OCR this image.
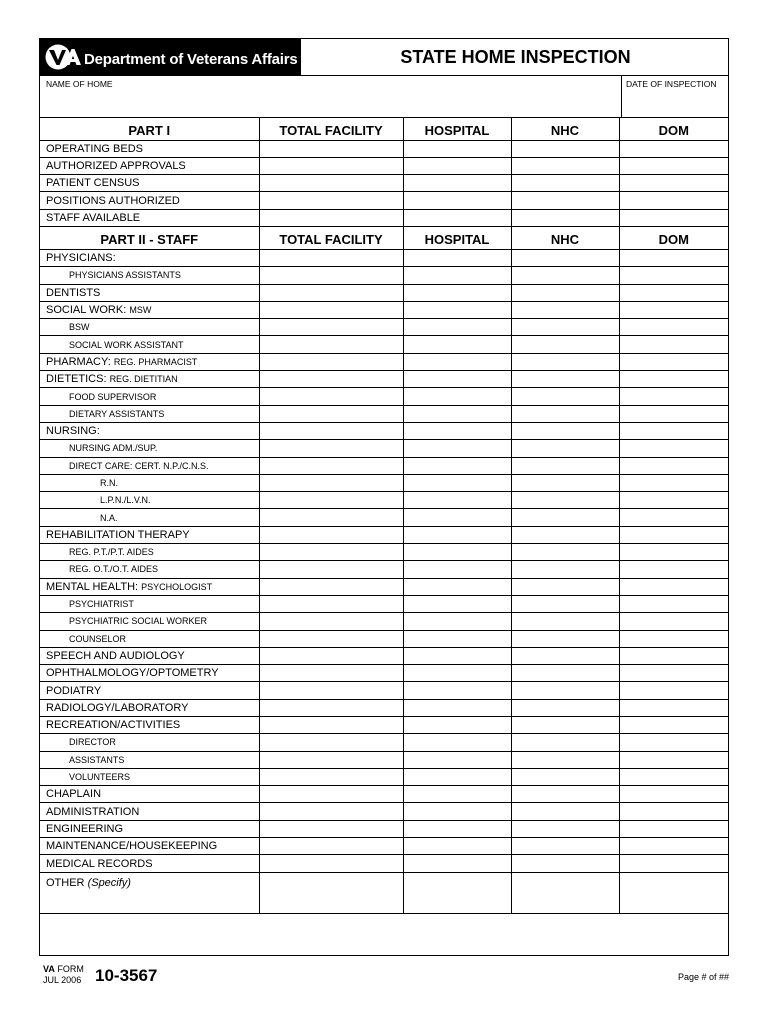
Department of Veterans Affairs	STATE HOME INSPECTION
NAME OF HOME	DATE OF INSPECTION
PART I	TOTAL FACILITY	HOSPITAL	NHC	DOM
OPERATING BEDS				
AUTHORIZED APPROVALS				
PATIENT CENSUS				
POSITIONS AUTHORIZED				
STAFF AVAILABLE				
PART II - STAFF	TOTAL FACILITY	HOSPITAL	NHC	DOM
PHYSICIANS:				
PHYSICIANS ASSISTANTS				
DENTISTS				
SOCIAL WORK: MSW				
BSW				
SOCIAL WORK ASSISTANT				
PHARMACY: REG. PHARMACIST				
DIETETICS: REG. DIETITIAN				
FOOD SUPERVISOR				
DIETARY ASSISTANTS				
NURSING:				
NURSING ADM./SUP.				
DIRECT CARE: CERT. N.P./C.N.S.				
R.N.				
L.P.N./L.V.N.				
N.A.				
REHABILITATION THERAPY				
REG. P.T./P.T. AIDES				
REG. O.T./O.T. AIDES				
MENTAL HEALTH: PSYCHOLOGIST				
PSYCHIATRIST				
PSYCHIATRIC SOCIAL WORKER				
COUNSELOR				
SPEECH AND AUDIOLOGY				
OPHTHALMOLOGY/OPTOMETRY				
PODIATRY				
RADIOLOGY/LABORATORY				
RECREATION/ACTIVITIES				
DIRECTOR				
ASSISTANTS				
VOLUNTEERS				
CHAPLAIN				
ADMINISTRATION				
ENGINEERING				
MAINTENANCE/HOUSEKEEPING				
MEDICAL RECORDS				
OTHER (Specify)				
VA FORM
JUL 2006 10-3567	Page # of ##
